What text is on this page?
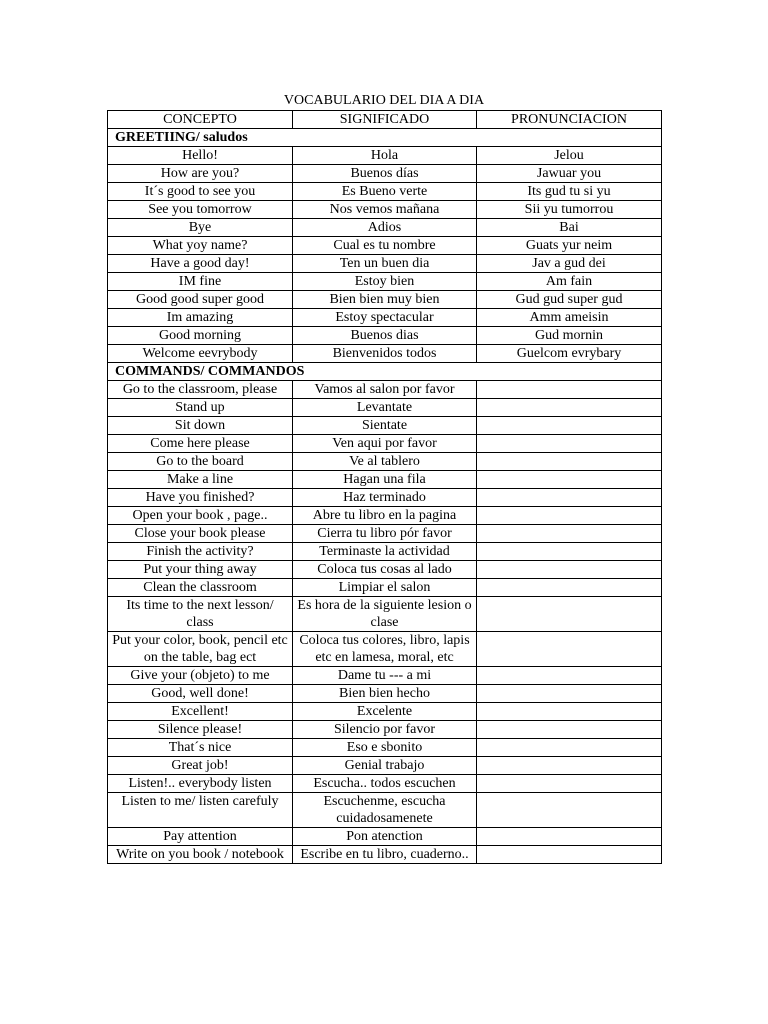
VOCABULARIO DEL DIA A DIA
CONCEPTO	SIGNIFICADO	PRONUNCIACION
GREETIING/ saludos		
Hello!	Hola	Jelou
How are you?	Buenos días	Jawuar you
It´s good to see you	Es Bueno verte	Its gud tu si yu
See you tomorrow	Nos vemos mañana	Sii yu tumorrou
Bye	Adios	Bai
What yoy name?	Cual es tu nombre	Guats yur neim
Have a good day!	Ten un buen dia	Jav a gud dei
IM fine	Estoy bien	Am fain
Good good super good	Bien bien muy bien	Gud gud super gud
Im amazing	Estoy spectacular	Amm ameisin
Good morning	Buenos dias	Gud mornin
Welcome eevrybody	Bienvenidos todos	Guelcom evrybary
COMMANDS/ COMMANDOS		
Go to the classroom, please	Vamos al salon por favor	
Stand up	Levantate	
Sit down	Sientate	
Come here please	Ven aqui por favor	
Go to the board	Ve al tablero	
Make a line	Hagan una fila	
Have you finished?	Haz terminado	
Open your book , page..	Abre tu libro en la pagina	
Close your book please	Cierra tu libro pór favor	
Finish the activity?	Terminaste la actividad	
Put your thing away	Coloca tus cosas al lado	
Clean the classroom	Limpiar el salon	
Its time to the next lesson/ class	Es hora de la siguiente lesion o clase	
Put your color, book, pencil etc on the table, bag ect	Coloca tus colores, libro, lapis etc en lamesa, moral, etc	
Give your (objeto) to me	Dame tu --- a mi	
Good, well done!	Bien bien hecho	
Excellent!	Excelente	
Silence please!	Silencio por favor	
That´s nice	Eso e sbonito	
Great job!	Genial trabajo	
Listen!.. everybody listen	Escucha.. todos escuchen	
Listen to me/ listen carefuly	Escuchenme, escucha cuidadosamenete	
Pay attention	Pon atenction	
Write on you book / notebook	Escribe en tu libro, cuaderno..	
